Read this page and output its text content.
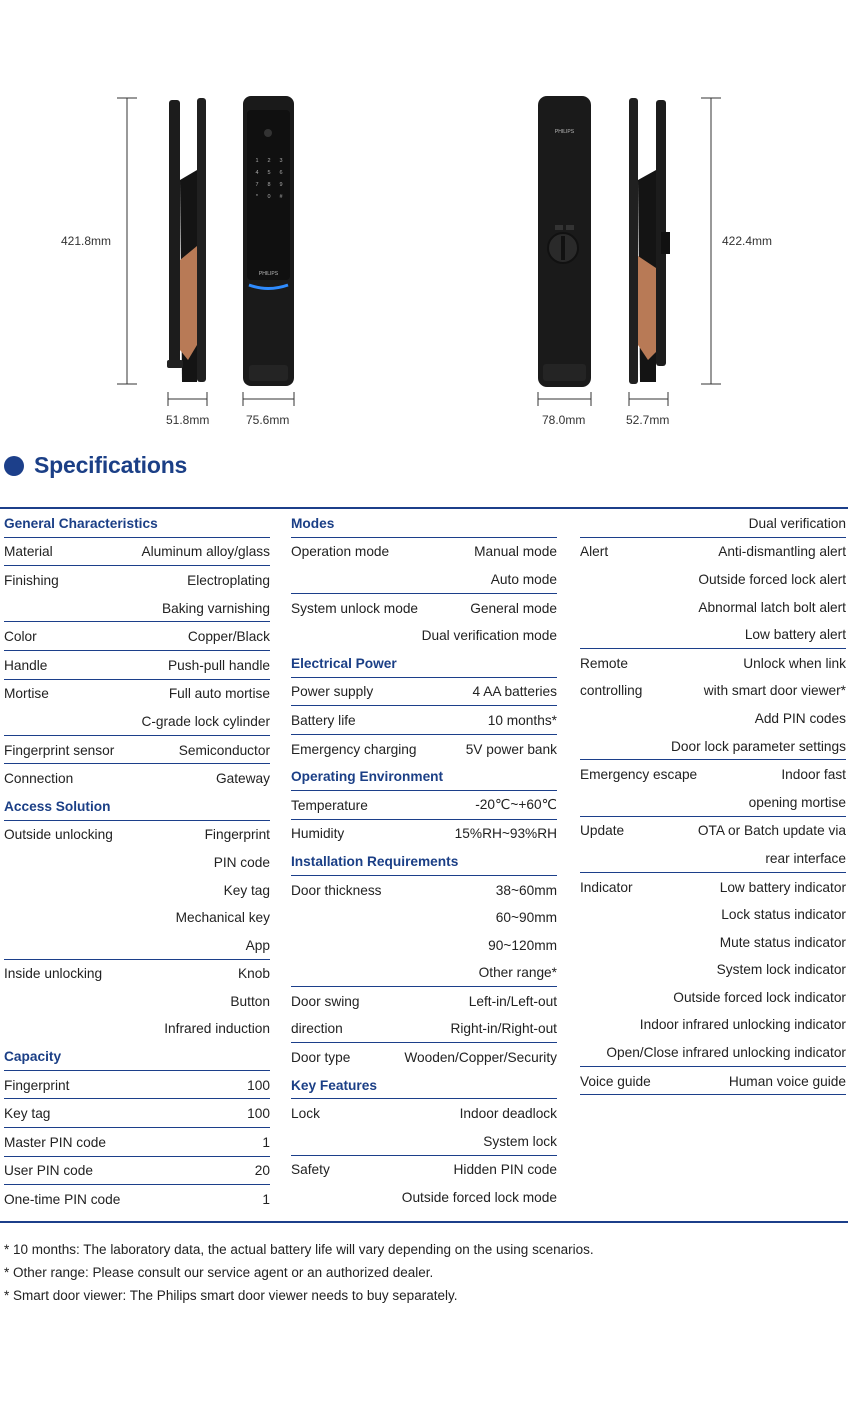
1	2	3
4	5	6
7	8	9
*	0	#
PHILIPS
PHILIPS
421.8mm	422.4mm
51.8mm	75.6mm	78.0mm	52.7mm
Specifications
General Characteristics
Material	Aluminum alloy/glass
Finishing	Electroplating
Baking varnishing
Color	Copper/Black
Handle	Push-pull handle
Mortise	Full auto mortise
C-grade lock cylinder
Fingerprint sensor	Semiconductor
Connection	Gateway
Access Solution
Outside unlocking	Fingerprint
PIN code
Key tag
Mechanical key
App
Inside unlocking	Knob
Button
Infrared induction
Capacity
Fingerprint	100
Key tag	100
Master PIN code	1
User PIN code	20
One-time PIN code	1
Modes
Operation mode	Manual mode
Auto mode
System unlock mode	General mode
Dual verification mode
Electrical Power
Power supply	4 AA batteries
Battery life	10 months*
Emergency charging	5V power bank
Operating Environment
Temperature	-20℃~+60℃
Humidity	15%RH~93%RH
Installation Requirements
Door thickness	38~60mm
60~90mm
90~120mm
Other range*
Door swing	Left-in/Left-out
direction	Right-in/Right-out
Door type	Wooden/Copper/Security
Key Features
Lock	Indoor deadlock
System lock
Safety	Hidden PIN code
Outside forced lock mode
Dual verification
Alert	Anti-dismantling alert
Outside forced lock alert
Abnormal latch bolt alert
Low battery alert
Remote	Unlock when link
controlling	with smart door viewer*
Add PIN codes
Door lock parameter settings
Emergency escape	Indoor fast
opening mortise
Update	OTA or Batch update via
rear interface
Indicator	Low battery indicator
Lock status indicator
Mute status indicator
System lock indicator
Outside forced lock indicator
Indoor infrared unlocking indicator
Open/Close infrared unlocking indicator
Voice guide	Human voice guide
* 10 months: The laboratory data, the actual battery life will vary depending on the using scenarios.
* Other range: Please consult our service agent or an authorized dealer.
* Smart door viewer: The Philips smart door viewer needs to buy separately.
